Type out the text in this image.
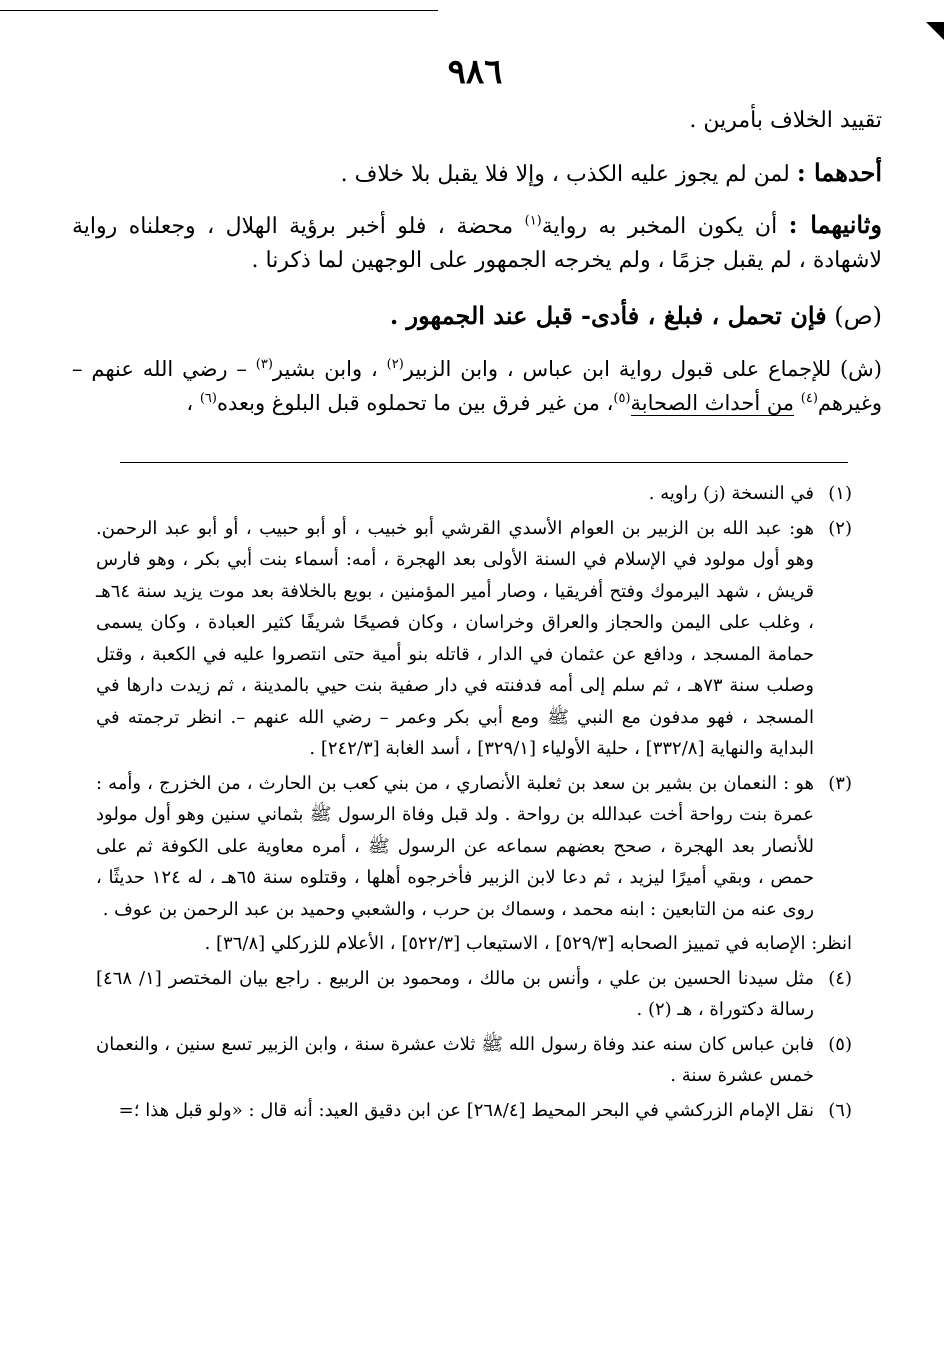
٩٨٦

تقييد الخلاف بأمرين .

أحدهما : لمن لم يجوز عليه الكذب ، وإلا فلا يقبل بلا خلاف .

وثانيهما : أن يكون المخبر به رواية$^{(١)}$ محضة ، فلو أخبر برؤية الهلال ، وجعلناه رواية لاشهادة ، لم يقبل جزمًا ، ولم يخرجه الجمهور على الوجهين لما ذكرنا .

(ص) فإن تحمل ، فبلغ ، فأدى- قبل عند الجمهور .

(ش) للإجماع على قبول رواية ابن عباس ، وابن الزبير$^{(٢)}$ ، وابن بشير$^{(٣)}$ – رضي الله عنهم –وغيرهم$^{(٤)}$ من أحداث الصحابة$^{(٥)}$، من غير فرق بين ما تحملوه قبل البلوغ وبعده$^{(٦)}$ ،

(١)
في النسخة (ز) راويه .

(٢)
هو: عبد الله بن الزبير بن العوام الأسدي القرشي أبو خبيب ، أو أبو حبيب ، أو أبو عبد الرحمن. وهو أول مولود في الإسلام في السنة الأولى بعد الهجرة ، أمه: أسماء بنت أبي بكر ، وهو فارس قريش ، شهد اليرموك وفتح أفريقيا ، وصار أمير المؤمنين ، بويع بالخلافة بعد موت يزيد سنة ٦٤هـ ، وغلب على اليمن والحجاز والعراق وخراسان ، وكان فصيحًا شريفًا كثير العبادة ، وكان يسمى حمامة المسجد ، ودافع عن عثمان في الدار ، قاتله بنو أمية حتى انتصروا عليه في الكعبة ، وقتل وصلب سنة ٧٣هـ ، ثم سلم إلى أمه فدفنته في دار صفية بنت حيي بالمدينة ، ثم زيدت دارها في المسجد ، فهو مدفون مع النبي ﷺ ومع أبي بكر وعمر – رضي الله عنهم –. انظر ترجمته في البداية والنهاية [٣٣٢/٨] ، حلية الأولياء [٣٢٩/١] ، أسد الغابة [٢٤٢/٣] .

(٣)
هو : النعمان بن بشير بن سعد بن ثعلبة الأنصاري ، من بني كعب بن الحارث ، من الخزرج ، وأمه : عمرة بنت رواحة أخت عبدالله بن رواحة . ولد قبل وفاة الرسول ﷺ بثماني سنين وهو أول مولود للأنصار بعد الهجرة ، صحح بعضهم سماعه عن الرسول ﷺ ، أمره معاوية على الكوفة ثم على حمص ، وبقي أميرًا ليزيد ، ثم دعا لابن الزبير فأخرجوه أهلها ، وقتلوه سنة ٦٥هـ ، له ١٢٤ حديثًا ، روى عنه من التابعين : ابنه محمد ، وسماك بن حرب ، والشعبي وحميد بن عبد الرحمن بن عوف .

انظر: الإصابه في تمييز الصحابه [٥٢٩/٣] ، الاستيعاب [٥٢٢/٣] ، الأعلام للزركلي [٣٦/٨] .

(٤)
مثل سيدنا الحسين بن علي ، وأنس بن مالك ، ومحمود بن الربيع . راجع بيان المختصر [١/ ٤٦٨] رسالة دكتوراة ، هـ (٢) .

(٥)
فابن عباس كان سنه عند وفاة رسول الله ﷺ ثلاث عشرة سنة ، وابن الزبير تسع سنين ، والنعمان خمس عشرة سنة .

(٦)
نقل الإمام الزركشي في البحر المحيط [٢٦٨/٤] عن ابن دقيق العيد: أنه قال : «ولو قبل هذا ؛=
